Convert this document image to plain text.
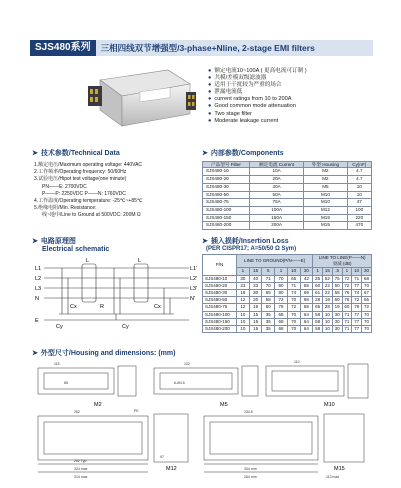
SJS480系列	三相四线双节增强型/3-phase+Nline, 2-stage EMI filters
● 额定电流10~100A ( 更高电流可订制 )
● 共模/差模双级滤波器
● 适用于干扰较为严重的场合
● 泄漏电流低
● current ratings from 10 to 200A
● Good common mode attenuation
● Two stage filter
● Moderate leakage current
➤ 技术参数/Technical Data
1.额定电压/Maximum operating voltage: 440VAC
2.工作频率/Operating frequency: 50/60Hz
3.试验电压/Hipot test voltage(one minute)
PN——E: 2700VDC
P——P: 2250VDC P——N: 1760VDC
4.工作温度/Operating temperature: -25℃~+85℃
5.绝缘电阻/Min. Resistance:
线~地中/Line to Ground at 500VDC: 200M Ω
➤ 内部参数/Components
产品型号 Filter	额定电流 Current	外型 Housing	Cy(nF)
SJS480-10	10A	M2	4.7
SJS480-20	20A	M2	4.7
SJS480-30	30A	M5	10
SJS480-50	50A	M10	10
SJS480-75	75A	M10	47
SJS480-100	100A	M12	100
SJS480-150	150A	M15	220
SJS480-200	200A	M15	470
➤ 电路原理图
Electrical schematic
L1
L2
L3
N
E
L1'
L2'
L3'
N'
Cx
Cy	Cy
Cx
R
L	L
➤ 插入损耗/Insertion Loss
(PER CISPR17; A=50/50 Ω Sym)
P/N	LINE TO GROUND(P/N——E)						LINE TO LINE(P——N)
衰减 (dB)					
	1	15	5	1	10	30	1	15	.5	1	10	30
SJS480-10	30	40	71	70	65	42	25	52	75	72	71	68
SJS480-20	23	33	70	80	71	65	60	22	50	72	77	70
SJS480-30	18	30	65	80	74	69	61	22	58	76	74	67
SJS480-50	12	20	58	72	70	68	28	19	60	78	72	65
SJS480-75	12	19	60	76	72	68	65	28	19	60	78	72
SJS480-100	10	15	35	68	70	64	58	10	30	71	77	70
SJS480-150	10	15	35	68	70	64	58	10	30	71	77	70
SJS480-200	10	15	35	68	70	64	58	10	30	71	77	70
➤ 外型尺寸/Housing and dimensions: (mm)
M2	M5	M10
M12	M15
115
85
102
6-Ø4.5
110
262
324 max
262 Typ.
314 max
234.5
304 mm
264 mm	113 max
97
PE
